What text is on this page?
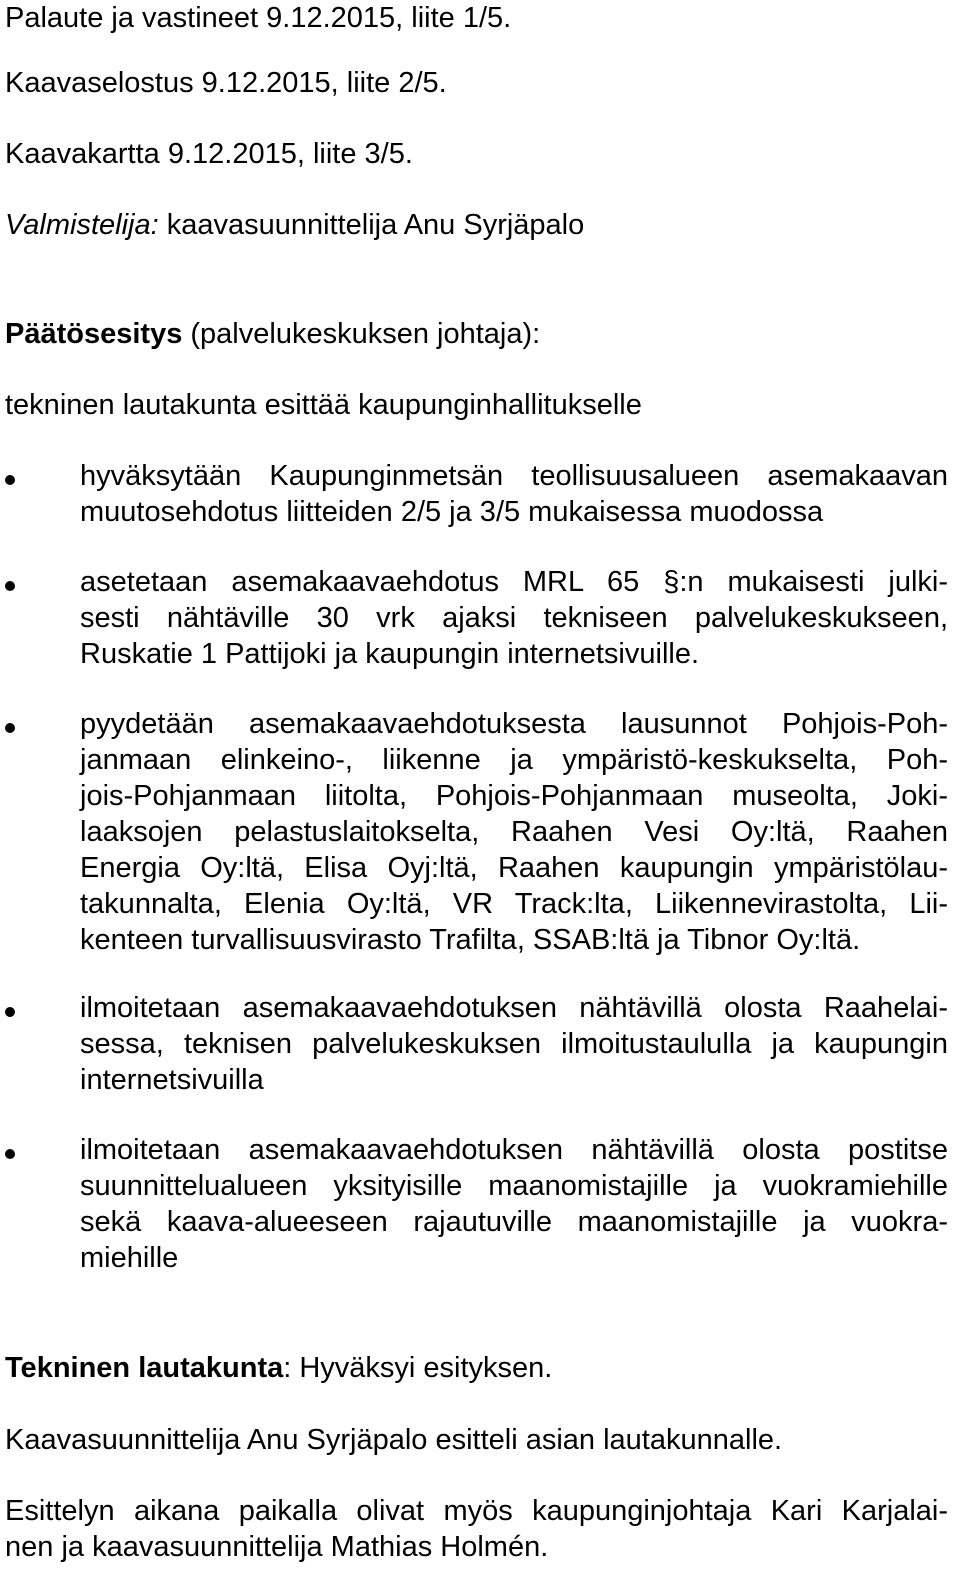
Palaute ja vastineet 9.12.2015, liite 1/5.
Kaavaselostus 9.12.2015, liite 2/5.
Kaavakartta 9.12.2015, liite 3/5.
Valmistelija: kaavasuunnittelija Anu Syrjäpalo
Päätösesitys (palvelukeskuksen johtaja):
tekninen lautakunta esittää kaupunginhallitukselle
hyväksytään Kaupunginmetsän teollisuusalueen asemakaavan
muutosehdotus liitteiden 2/5 ja 3/5 mukaisessa muodossa
asetetaan asemakaavaehdotus MRL 65 §:n mukaisesti julki-
sesti nähtäville 30 vrk ajaksi tekniseen palvelukeskukseen,
Ruskatie 1 Pattijoki ja kaupungin internetsivuille.
pyydetään asemakaavaehdotuksesta lausunnot Pohjois-Poh-
janmaan elinkeino-, liikenne ja ympäristö-keskukselta, Poh-
jois-Pohjanmaan liitolta, Pohjois-Pohjanmaan museolta, Joki-
laaksojen pelastuslaitokselta, Raahen Vesi Oy:ltä, Raahen
Energia Oy:ltä, Elisa Oyj:ltä, Raahen kaupungin ympäristölau-
takunnalta, Elenia Oy:ltä, VR Track:lta, Liikennevirastolta, Lii-
kenteen turvallisuusvirasto Trafilta, SSAB:ltä ja Tibnor Oy:ltä.
ilmoitetaan asemakaavaehdotuksen nähtävillä olosta Raahelai-
sessa, teknisen palvelukeskuksen ilmoitustaululla ja kaupungin
internetsivuilla
ilmoitetaan asemakaavaehdotuksen nähtävillä olosta postitse
suunnittelualueen yksityisille maanomistajille ja vuokramiehille
sekä kaava-alueeseen rajautuville maanomistajille ja vuokra-
miehille
Tekninen lautakunta: Hyväksyi esityksen.
Kaavasuunnittelija Anu Syrjäpalo esitteli asian lautakunnalle.
Esittelyn aikana paikalla olivat myös kaupunginjohtaja Kari Karjalai-
nen ja kaavasuunnittelija Mathias Holmén.
